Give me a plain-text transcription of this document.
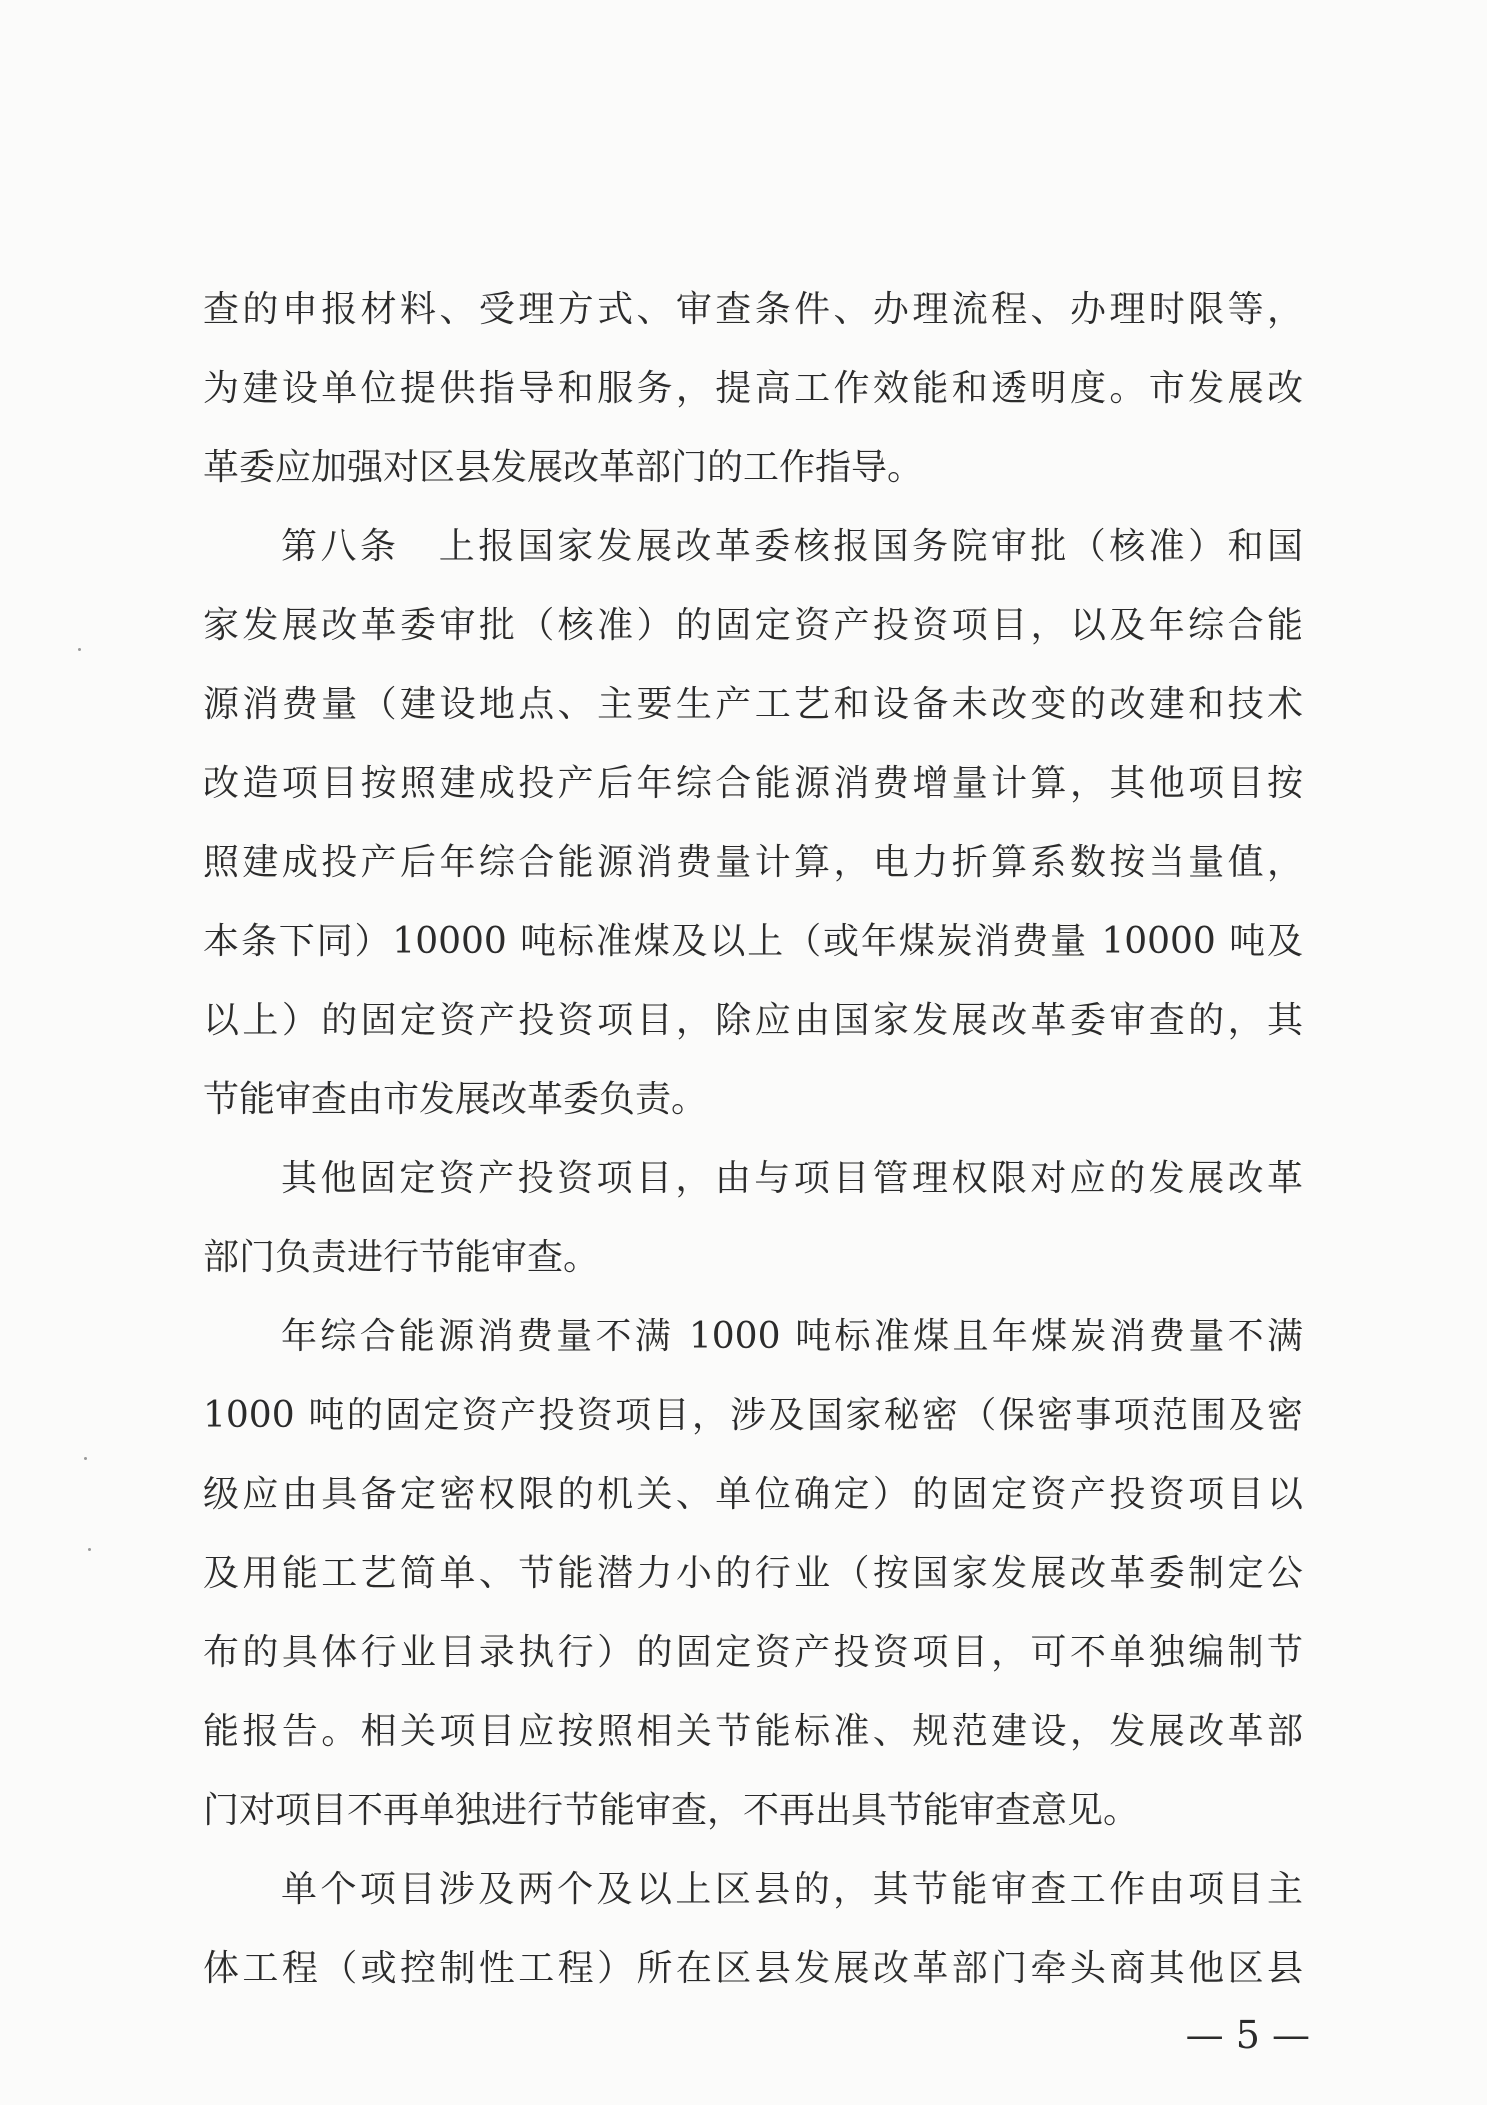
查的申报材料、受理方式、审查条件、办理流程、办理时限等，
为建设单位提供指导和服务，提高工作效能和透明度。市发展改
革委应加强对区县发展改革部门的工作指导。
第八条　上报国家发展改革委核报国务院审批（核准）和国
家发展改革委审批（核准）的固定资产投资项目，以及年综合能
源消费量（建设地点、主要生产工艺和设备未改变的改建和技术
改造项目按照建成投产后年综合能源消费增量计算，其他项目按
照建成投产后年综合能源消费量计算，电力折算系数按当量值，
本条下同）10000 吨标准煤及以上（或年煤炭消费量 10000 吨及
以上）的固定资产投资项目，除应由国家发展改革委审查的，其
节能审查由市发展改革委负责。
其他固定资产投资项目，由与项目管理权限对应的发展改革
部门负责进行节能审查。
年综合能源消费量不满 1000 吨标准煤且年煤炭消费量不满
1000 吨的固定资产投资项目，涉及国家秘密（保密事项范围及密
级应由具备定密权限的机关、单位确定）的固定资产投资项目以
及用能工艺简单、节能潜力小的行业（按国家发展改革委制定公
布的具体行业目录执行）的固定资产投资项目，可不单独编制节
能报告。相关项目应按照相关节能标准、规范建设，发展改革部
门对项目不再单独进行节能审查，不再出具节能审查意见。
单个项目涉及两个及以上区县的，其节能审查工作由项目主
体工程（或控制性工程）所在区县发展改革部门牵头商其他区县
— 5 —
